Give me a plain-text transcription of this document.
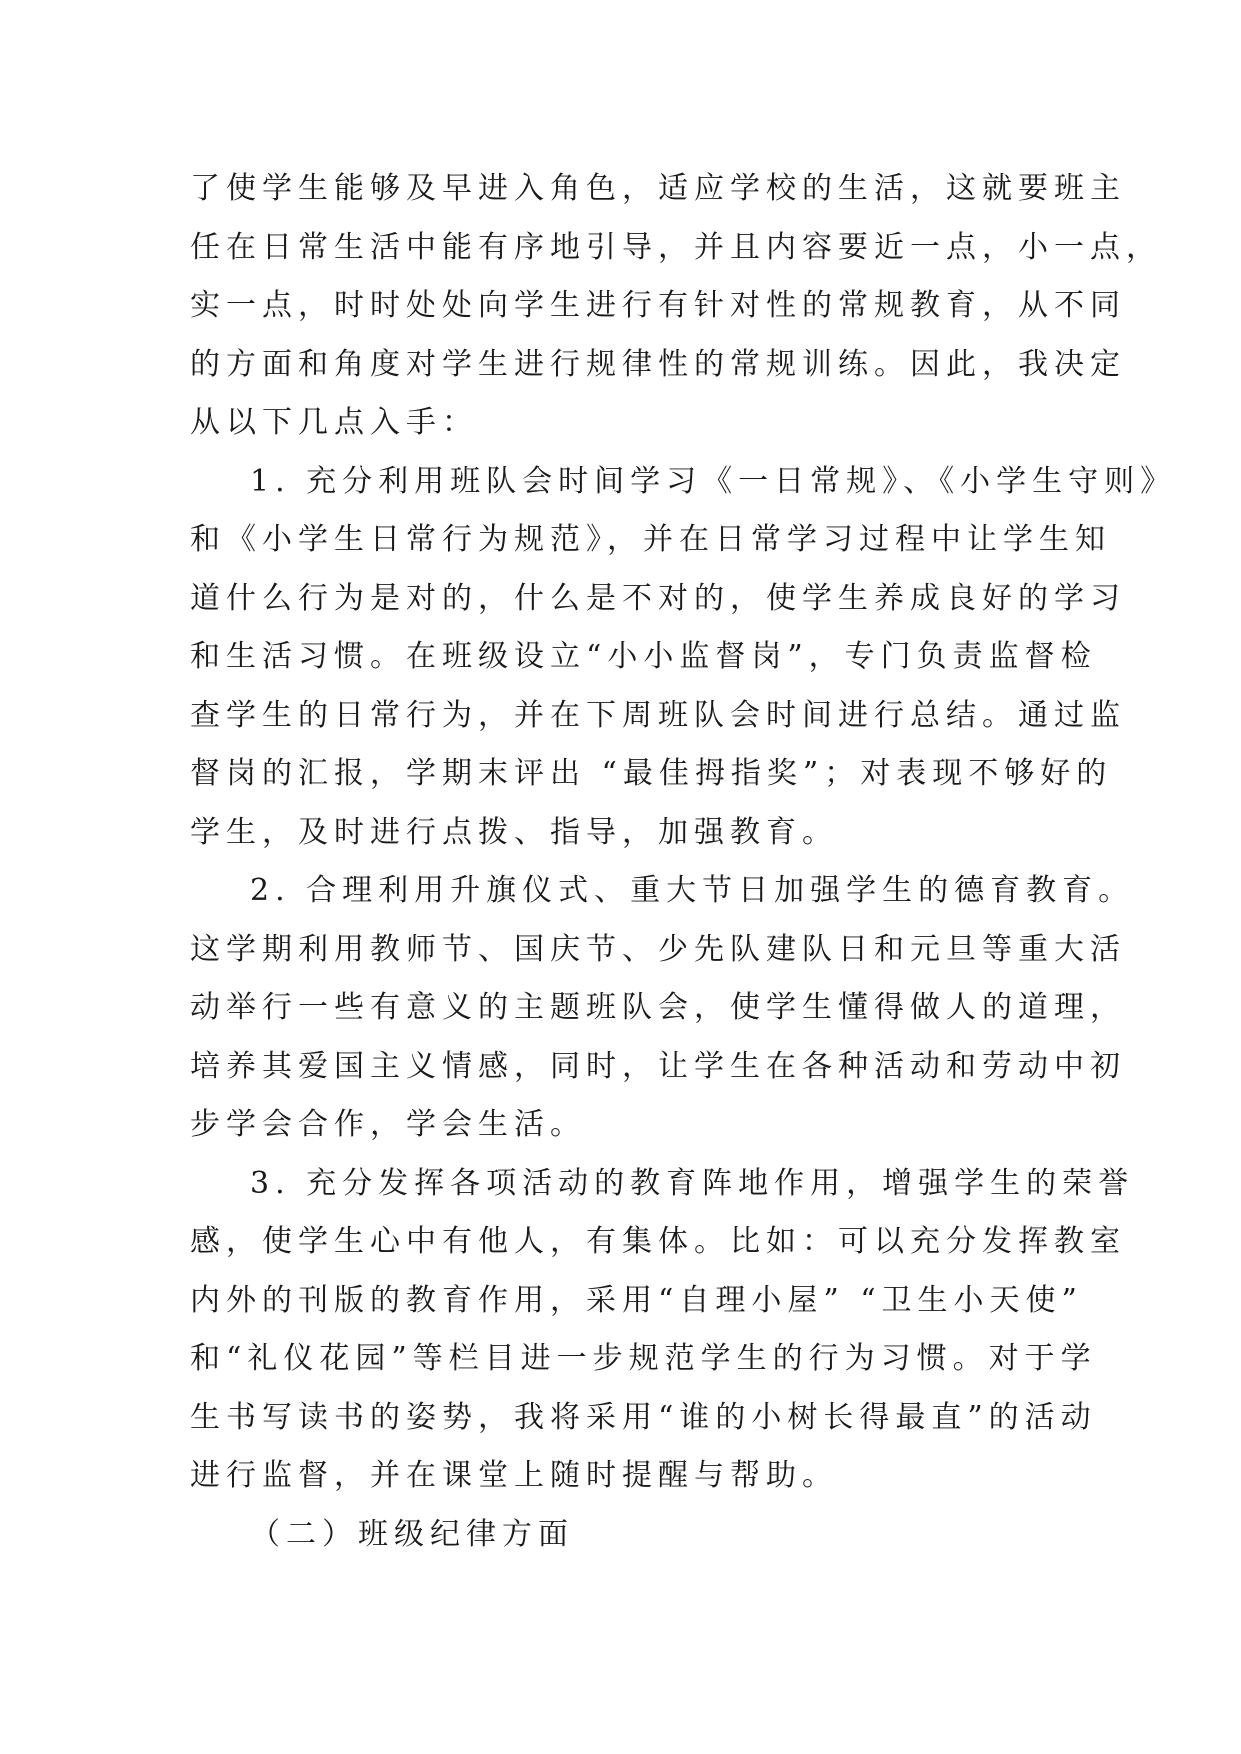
了使学生能够及早进入角色，适应学校的生活，这就要班主
任在日常生活中能有序地引导，并且内容要近一点，小一点，
实一点，时时处处向学生进行有针对性的常规教育，从不同
的方面和角度对学生进行规律性的常规训练。因此，我决定
从以下几点入手：
1. 充分利用班队会时间学习《一日常规》、《小学生守则》
和《小学生日常行为规范》，并在日常学习过程中让学生知
道什么行为是对的，什么是不对的，使学生养成良好的学习
和生活习惯。在班级设立“小小监督岗”，专门负责监督检
查学生的日常行为，并在下周班队会时间进行总结。通过监
督岗的汇报，学期末评出 “最佳拇指奖”；对表现不够好的
学生，及时进行点拨、指导，加强教育。
2. 合理利用升旗仪式、重大节日加强学生的德育教育。
这学期利用教师节、国庆节、少先队建队日和元旦等重大活
动举行一些有意义的主题班队会，使学生懂得做人的道理，
培养其爱国主义情感，同时，让学生在各种活动和劳动中初
步学会合作，学会生活。
3. 充分发挥各项活动的教育阵地作用，增强学生的荣誉
感，使学生心中有他人，有集体。比如：可以充分发挥教室
内外的刊版的教育作用，采用“自理小屋” “卫生小天使”
和“礼仪花园”等栏目进一步规范学生的行为习惯。对于学
生书写读书的姿势，我将采用“谁的小树长得最直”的活动
进行监督，并在课堂上随时提醒与帮助。
（二）班级纪律方面
